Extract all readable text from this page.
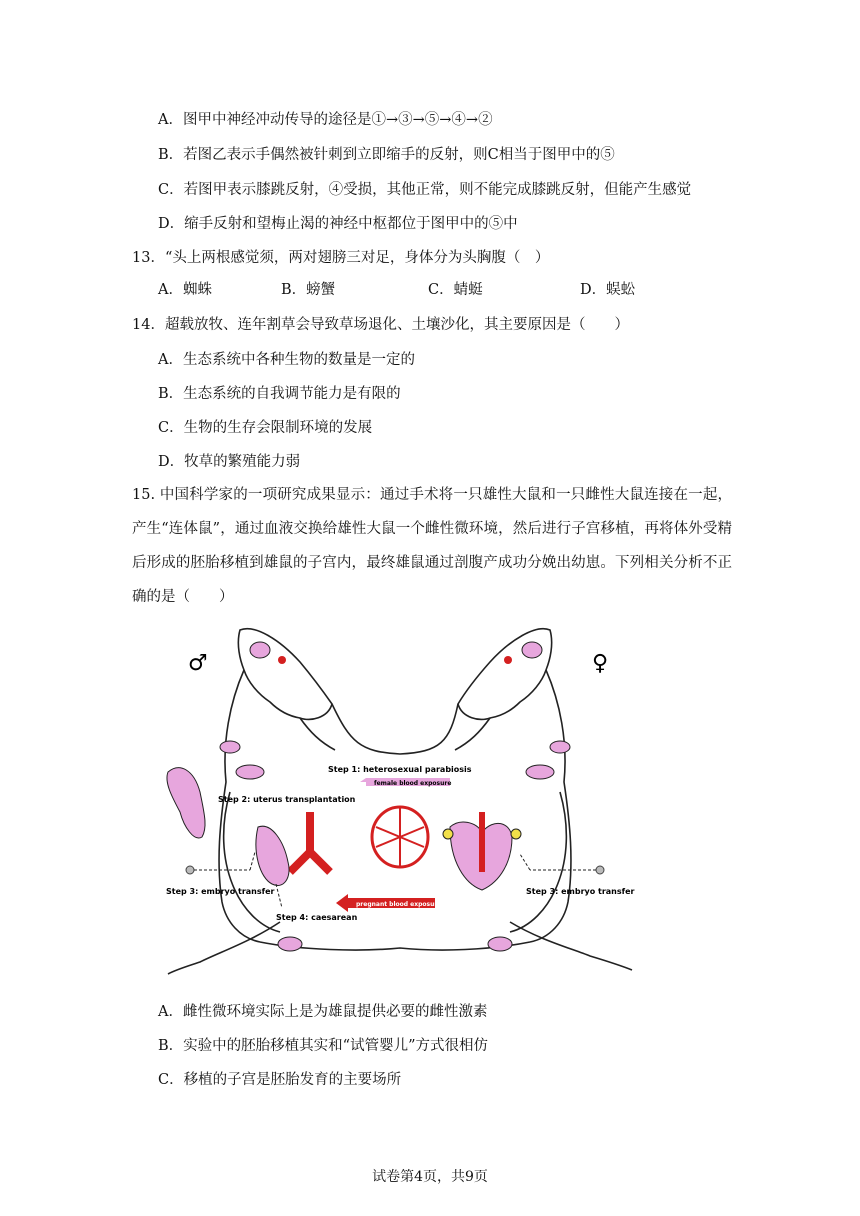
A．图甲中神经冲动传导的途径是①→③→⑤→④→②
B．若图乙表示手偶然被针刺到立即缩手的反射，则C相当于图甲中的⑤
C．若图甲表示膝跳反射，④受损，其他正常，则不能完成膝跳反射，但能产生感觉
D．缩手反射和望梅止渴的神经中枢都位于图甲中的⑤中
13．“头上两根感觉须，两对翅膀三对足，身体分为头胸腹（　）
A．蜘蛛	B．螃蟹	C．蜻蜓	D．蜈蚣
14．超载放牧、连年割草会导致草场退化、土壤沙化，其主要原因是（　　）
A．生态系统中各种生物的数量是一定的
B．生态系统的自我调节能力是有限的
C．生物的生存会限制环境的发展
D．牧草的繁殖能力弱
15. 中国科学家的一项研究成果显示：通过手术将一只雄性大鼠和一只雌性大鼠连接在一起，产生“连体鼠”，通过血液交换给雄性大鼠一个雌性微环境，然后进行子宫移植，再将体外受精后形成的胚胎移植到雄鼠的子宫内，最终雄鼠通过剖腹产成功分娩出幼崽。下列相关分析不正确的是（　　）
♂	♀
Step 1: heterosexual parabiosis
female blood exposure
Step 2: uterus transplantation
Step 3: embryo transfer	Step 3: embryo transfer
pregnant blood exposure
Step 4: caesarean
A．雌性微环境实际上是为雄鼠提供必要的雌性激素
B．实验中的胚胎移植其实和“试管婴儿”方式很相仿
C．移植的子宫是胚胎发育的主要场所
试卷第4页，共9页
